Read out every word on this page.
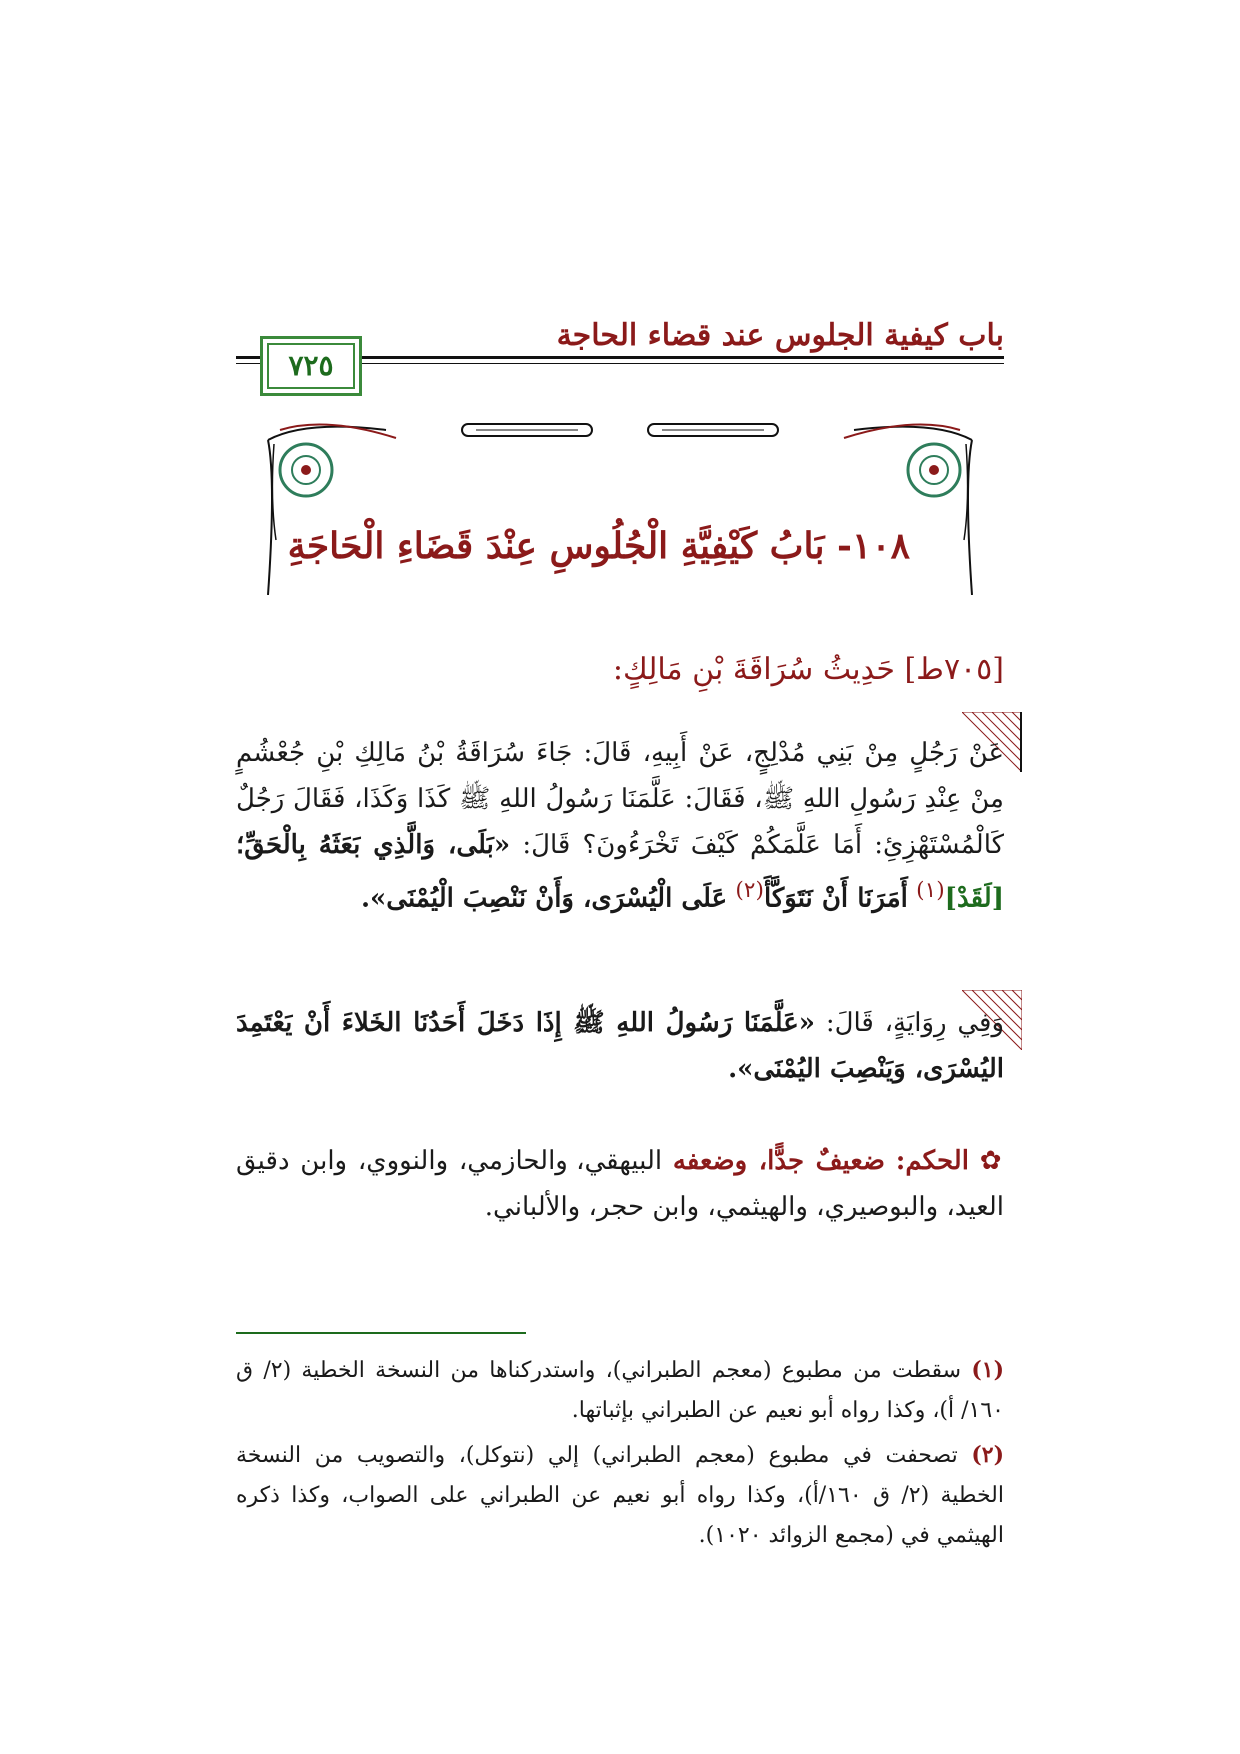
باب كيفية الجلوس عند قضاء الحاجة
٧٢٥
١٠٨- بَابُ كَيْفِيَّةِ الْجُلُوسِ عِنْدَ قَضَاءِ الْحَاجَةِ
[٧٠٥ط] حَدِيثُ سُرَاقَةَ بْنِ مَالِكٍ:
عَنْ رَجُلٍ مِنْ بَنِي مُدْلِجٍ، عَنْ أَبِيهِ، قَالَ: جَاءَ سُرَاقَةُ بْنُ مَالِكِ بْنِ جُعْشُمٍ مِنْ عِنْدِ رَسُولِ اللهِ ﷺ، فَقَالَ: عَلَّمَنَا رَسُولُ اللهِ ﷺ كَذَا وَكَذَا، فَقَالَ رَجُلٌ كَالْمُسْتَهْزِئِ: أَمَا عَلَّمَكُمْ كَيْفَ تَخْرَءُونَ؟ قَالَ: «بَلَى، وَالَّذِي بَعَثَهُ بِالْحَقِّ؛ [لَقَدْ]$^{(١)}$ أَمَرَنَا أَنْ نَتَوَكَّأَ$^{(٢)}$ عَلَى الْيُسْرَى، وَأَنْ نَنْصِبَ الْيُمْنَى».
وَفِي رِوَايَةٍ، قَالَ: «عَلَّمَنَا رَسُولُ اللهِ ﷺ إِذَا دَخَلَ أَحَدُنَا الخَلاءَ أَنْ يَعْتَمِدَ اليُسْرَى، وَيَنْصِبَ اليُمْنَى».
✿ الحكم: ضعيفٌ جدًّا، وضعفه البيهقي، والحازمي، والنووي، وابن دقيق العيد، والبوصيري، والهيثمي، وابن حجر، والألباني.
(١) سقطت من مطبوع (معجم الطبراني)، واستدركناها من النسخة الخطية (٢/ ق ١٦٠/ أ)، وكذا رواه أبو نعيم عن الطبراني بإثباتها.
(٢) تصحفت في مطبوع (معجم الطبراني) إلي (نتوكل)، والتصويب من النسخة الخطية (٢/ ق ١٦٠/أ)، وكذا رواه أبو نعيم عن الطبراني على الصواب، وكذا ذكره الهيثمي في (مجمع الزوائد ١٠٢٠).
